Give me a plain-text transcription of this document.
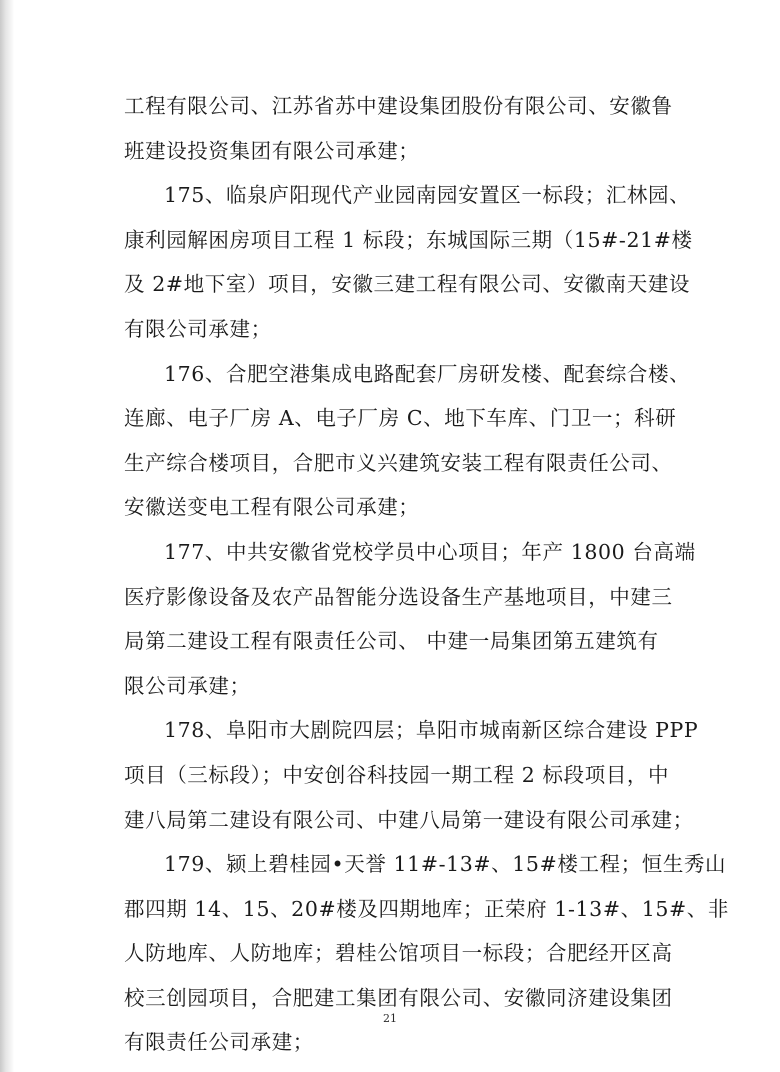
工程有限公司、江苏省苏中建设集团股份有限公司、安徽鲁
班建设投资集团有限公司承建；
175、临泉庐阳现代产业园南园安置区一标段；汇林园、
康利园解困房项目工程 1 标段；东城国际三期（15#-21#楼
及 2#地下室）项目，安徽三建工程有限公司、安徽南天建设
有限公司承建；
176、合肥空港集成电路配套厂房研发楼、配套综合楼、
连廊、电子厂房 A、电子厂房 C、地下车库、门卫一；科研
生产综合楼项目，合肥市义兴建筑安装工程有限责任公司、
安徽送变电工程有限公司承建；
177、中共安徽省党校学员中心项目；年产 1800 台高端
医疗影像设备及农产品智能分选设备生产基地项目，中建三
局第二建设工程有限责任公司、 中建一局集团第五建筑有
限公司承建；
178、阜阳市大剧院四层；阜阳市城南新区综合建设 PPP
项目（三标段）；中安创谷科技园一期工程 2 标段项目，中
建八局第二建设有限公司、中建八局第一建设有限公司承建；
179、颍上碧桂园•天誉 11#-13#、15#楼工程；恒生秀山
郡四期 14、15、20#楼及四期地库；正荣府 1-13#、15#、非
人防地库、人防地库；碧桂公馆项目一标段；合肥经开区高
校三创园项目，合肥建工集团有限公司、安徽同济建设集团
有限责任公司承建；
21
